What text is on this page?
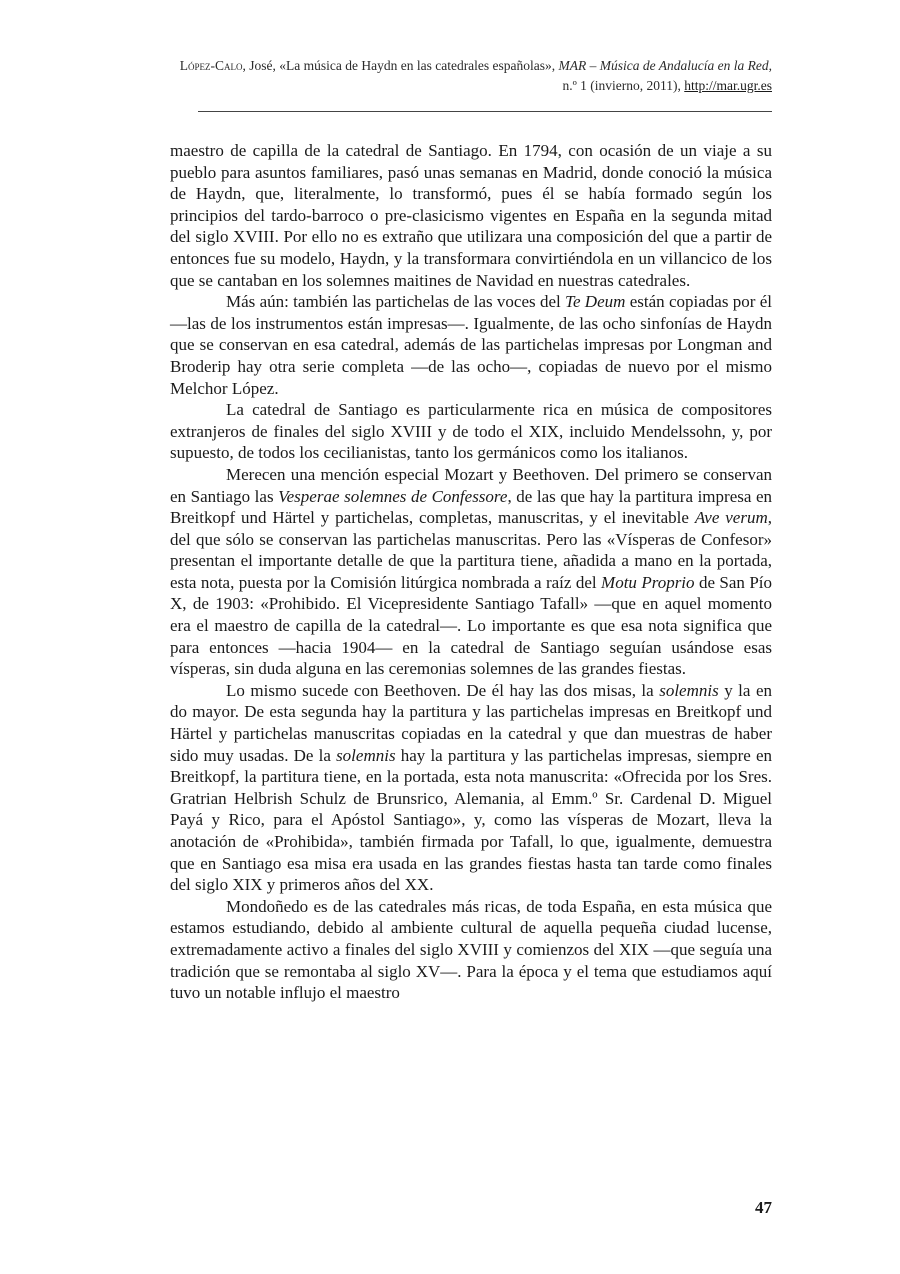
López-Calo, José, «La música de Haydn en las catedrales españolas», MAR – Música de Andalucía en la Red, n.º 1 (invierno, 2011), http://mar.ugr.es

maestro de capilla de la catedral de Santiago. En 1794, con ocasión de un viaje a su pueblo para asuntos familiares, pasó unas semanas en Madrid, donde conoció la música de Haydn, que, literalmente, lo transformó, pues él se había formado según los principios del tardo-barroco o pre-clasicismo vigentes en España en la segunda mitad del siglo XVIII. Por ello no es extraño que utilizara una composición del que a partir de entonces fue su modelo, Haydn, y la transformara convirtiéndola en un villancico de los que se cantaban en los solemnes maitines de Navidad en nuestras catedrales.

Más aún: también las partichelas de las voces del Te Deum están copiadas por él —las de los instrumentos están impresas—. Igualmente, de las ocho sinfonías de Haydn que se conservan en esa catedral, además de las partichelas impresas por Longman and Broderip hay otra serie completa —de las ocho—, copiadas de nuevo por el mismo Melchor López.

La catedral de Santiago es particularmente rica en música de compositores extranjeros de finales del siglo XVIII y de todo el XIX, incluido Mendelssohn, y, por supuesto, de todos los cecilianistas, tanto los germánicos como los italianos.

Merecen una mención especial Mozart y Beethoven. Del primero se conservan en Santiago las Vesperae solemnes de Confessore, de las que hay la partitura impresa en Breitkopf und Härtel y partichelas, completas, manuscritas, y el inevitable Ave verum, del que sólo se conservan las partichelas manuscritas. Pero las «Vísperas de Confesor» presentan el importante detalle de que la partitura tiene, añadida a mano en la portada, esta nota, puesta por la Comisión litúrgica nombrada a raíz del Motu Proprio de San Pío X, de 1903: «Prohibido. El Vicepresidente Santiago Tafall» —que en aquel momento era el maestro de capilla de la catedral—. Lo importante es que esa nota significa que para entonces —hacia 1904— en la catedral de Santiago seguían usándose esas vísperas, sin duda alguna en las ceremonias solemnes de las grandes fiestas.

Lo mismo sucede con Beethoven. De él hay las dos misas, la solemnis y la en do mayor. De esta segunda hay la partitura y las partichelas impresas en Breitkopf und Härtel y partichelas manuscritas copiadas en la catedral y que dan muestras de haber sido muy usadas. De la solemnis hay la partitura y las partichelas impresas, siempre en Breitkopf, la partitura tiene, en la portada, esta nota manuscrita: «Ofrecida por los Sres. Gratrian Helbrish Schulz de Brunsrico, Alemania, al Emm.º Sr. Cardenal D. Miguel Payá y Rico, para el Apóstol Santiago», y, como las vísperas de Mozart, lleva la anotación de «Prohibida», también firmada por Tafall, lo que, igualmente, demuestra que en Santiago esa misa era usada en las grandes fiestas hasta tan tarde como finales del siglo XIX y primeros años del XX.

Mondoñedo es de las catedrales más ricas, de toda España, en esta música que estamos estudiando, debido al ambiente cultural de aquella pequeña ciudad lucense, extremadamente activo a finales del siglo XVIII y comienzos del XIX —que seguía una tradición que se remontaba al siglo XV—. Para la época y el tema que estudiamos aquí tuvo un notable influjo el maestro

47
